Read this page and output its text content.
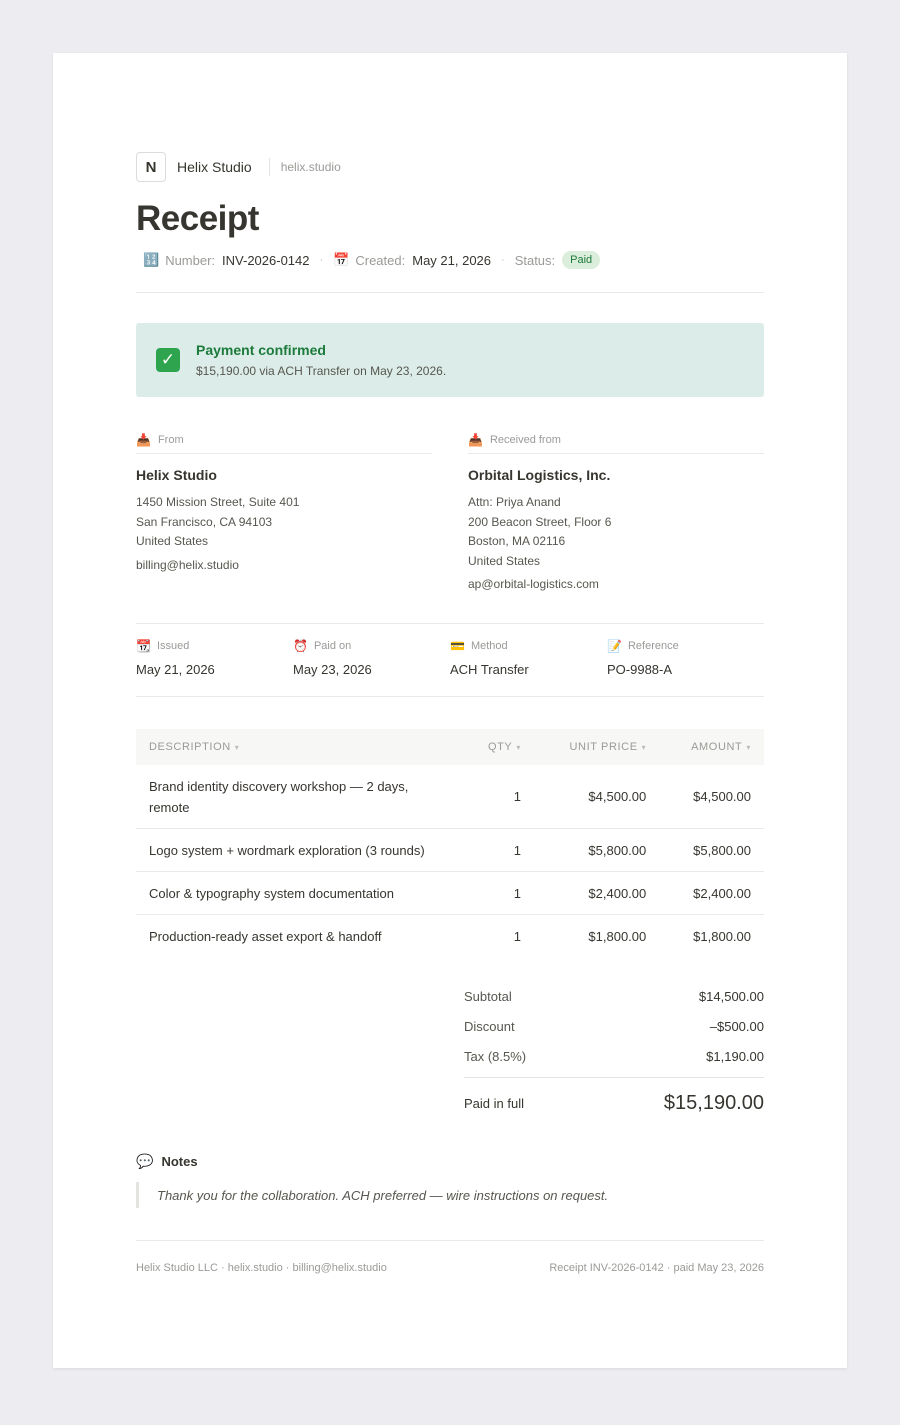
N	Helix Studio helix.studio
Receipt
🔢 Number: INV-2026-0142 · 📅 Created: May 21, 2026 · Status:	Paid
✓	Payment confirmed
$15,190.00 via ACH Transfer on May 23, 2026.
📥 From
Helix Studio
1450 Mission Street, Suite 401
San Francisco, CA 94103
United States
billing@helix.studio
📥 Received from
Orbital Logistics, Inc.
Attn: Priya Anand
200 Beacon Street, Floor 6
Boston, MA 02116
United States
ap@orbital-logistics.com
📆 Issued
May 21, 2026
⏰ Paid on
May 23, 2026
💳 Method
ACH Transfer
📝 Reference
PO-9988-A
DESCRIPTION ▾	QTY ▾	UNIT PRICE ▾	AMOUNT ▾
Brand identity discovery workshop — 2 days, remote	1	$4,500.00	$4,500.00
Logo system + wordmark exploration (3 rounds)	1	$5,800.00	$5,800.00
Color & typography system documentation	1	$2,400.00	$2,400.00
Production-ready asset export & handoff	1	$1,800.00	$1,800.00
Subtotal	$14,500.00
Discount	–$500.00
Tax (8.5%)	$1,190.00
Paid in full	$15,190.00
💬 Notes
Thank you for the collaboration. ACH preferred — wire instructions on request.
Helix Studio LLC · helix.studio · billing@helix.studio	Receipt INV-2026-0142 · paid May 23, 2026
